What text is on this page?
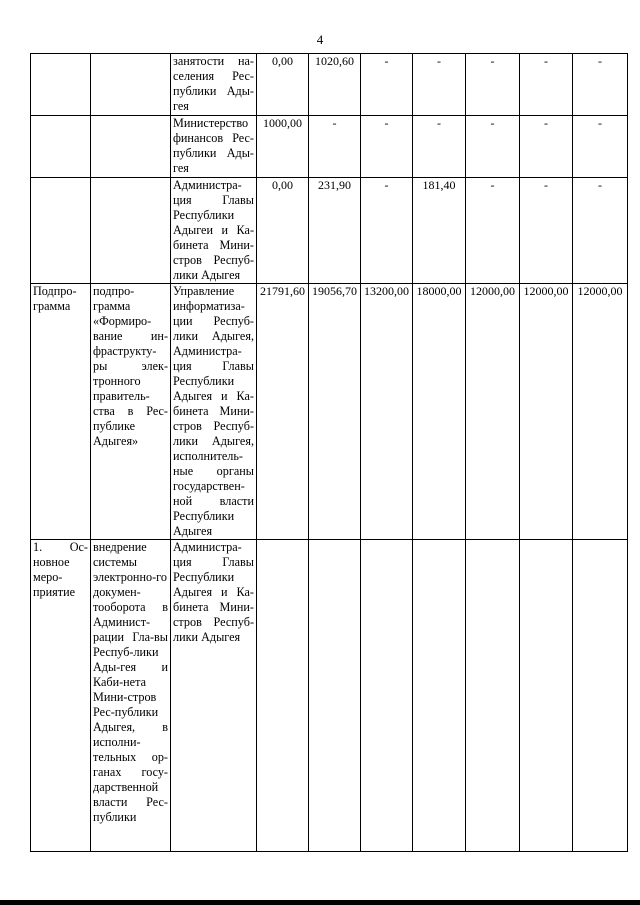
4
		занятости на-селения Рес-публики Ады-гея	0,00	1020,60	-	-	-	-	-
		Министерство финансов Рес-публики Ады-гея	1000,00	-	-	-	-	-	-
		Администра-ция Главы Республики Адыгеи и Ка-бинета Мини-стров Респуб-лики Адыгея	0,00	231,90	-	181,40	-	-	-
Подпро-грамма	подпро-грамма «Формиро-вание ин-фраструкту-ры элек-тронного правитель-ства в Рес-публике Адыгея»	Управление информатиза-ции Респуб-лики Адыгея, Администра-ция Главы Республики Адыгея и Ка-бинета Мини-стров Респуб-лики Адыгея, исполнитель-ные органы государствен-ной власти Республики Адыгея	21791,60	19056,70	13200,00	18000,00	12000,00	12000,00	12000,00
1. Ос-новное меро-приятие	внедрение системы электронно-го докумен-тооборота в Админист-рации Гла-вы Респуб-лики Ады-гея и Каби-нета Мини-стров Рес-публики Адыгея, в исполни-тельных ор-ганах госу-дарственной власти Рес-публики	Администра-ция Главы Республики Адыгея и Ка-бинета Мини-стров Респуб-лики Адыгея							
